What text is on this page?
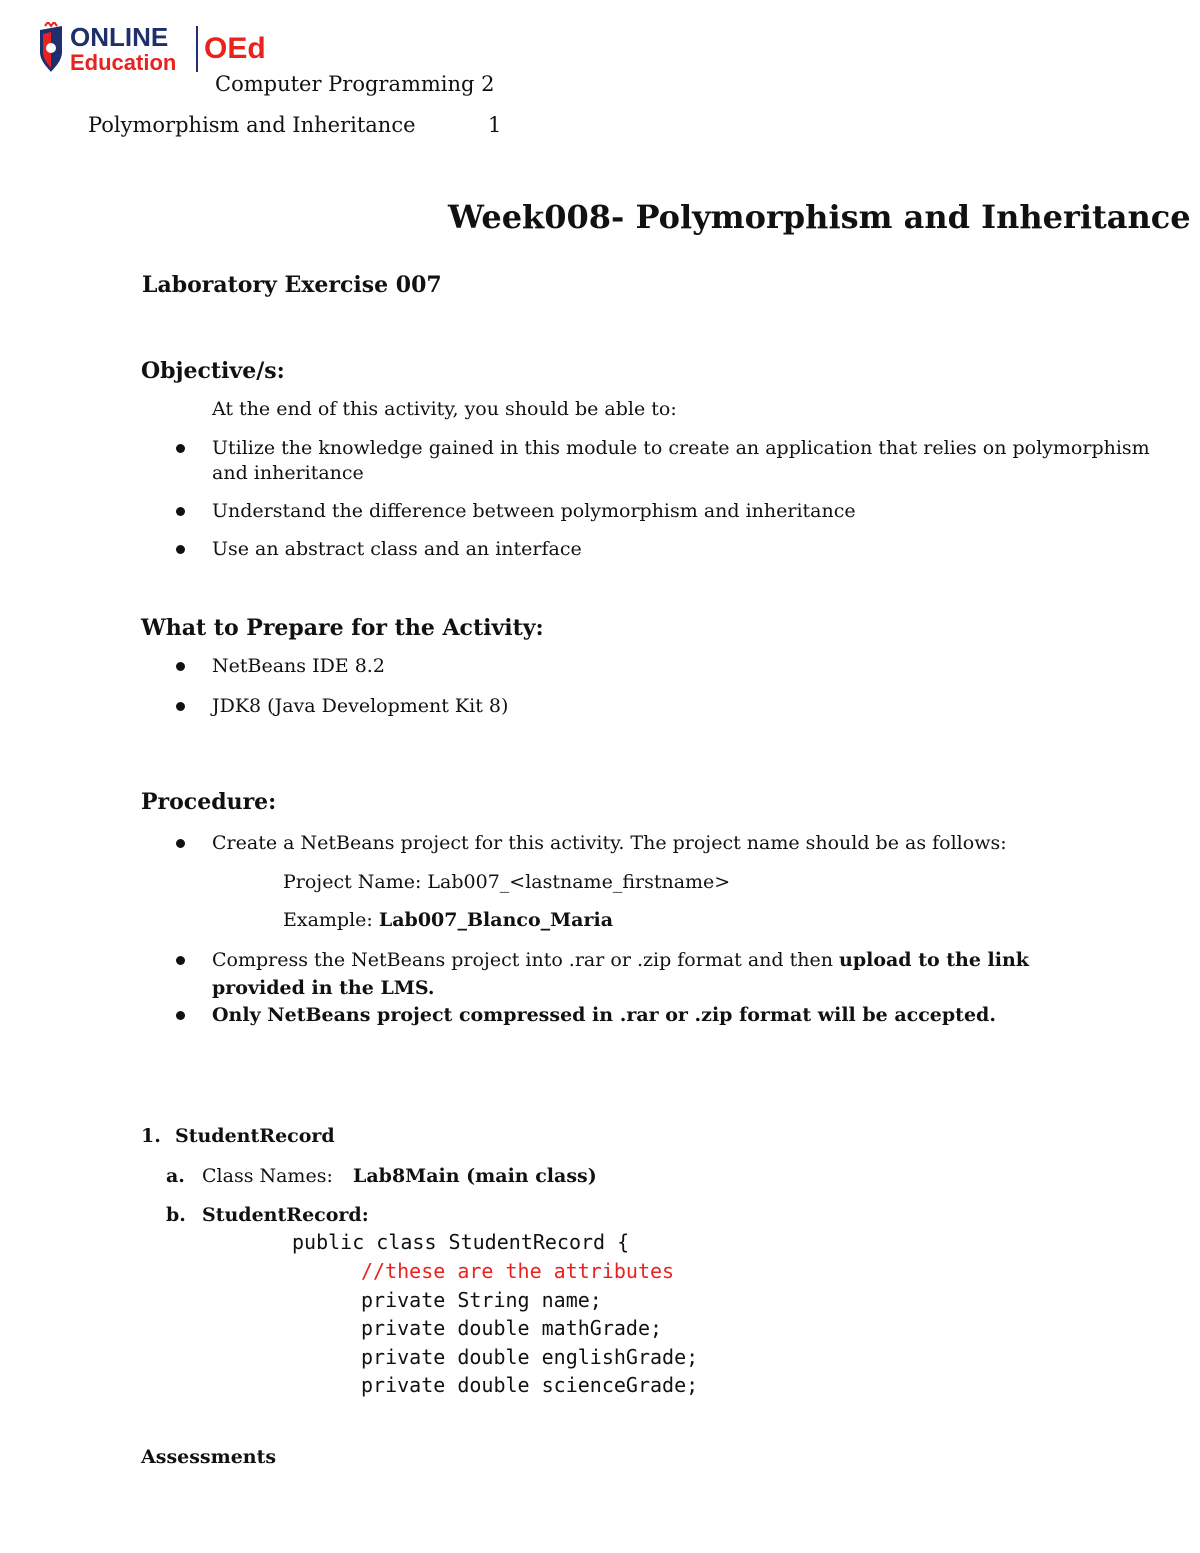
ONLINE
Education OEd
Computer Programming 2
Polymorphism and Inheritance	1
Week008- Polymorphism and Inheritance
Laboratory Exercise 007
Objective/s:
At the end of this activity, you should be able to:
Utilize the knowledge gained in this module to create an application that relies on polymorphism
and inheritance
Understand the difference between polymorphism and inheritance
Use an abstract class and an interface
What to Prepare for the Activity:
NetBeans IDE 8.2
JDK8 (Java Development Kit 8)
Procedure:
Create a NetBeans project for this activity. The project name should be as follows:
Project Name: Lab007_<lastname_firstname>
Example: Lab007_Blanco_Maria
Compress the NetBeans project into .rar or .zip format and then upload to the link
provided in the LMS.
Only NetBeans project compressed in .rar or .zip format will be accepted.
1. StudentRecord
a. Class Names: Lab8Main (main class)
b. StudentRecord:
public class StudentRecord {
//these are the attributes
private String name;
private double mathGrade;
private double englishGrade;
private double scienceGrade;
Assessments
